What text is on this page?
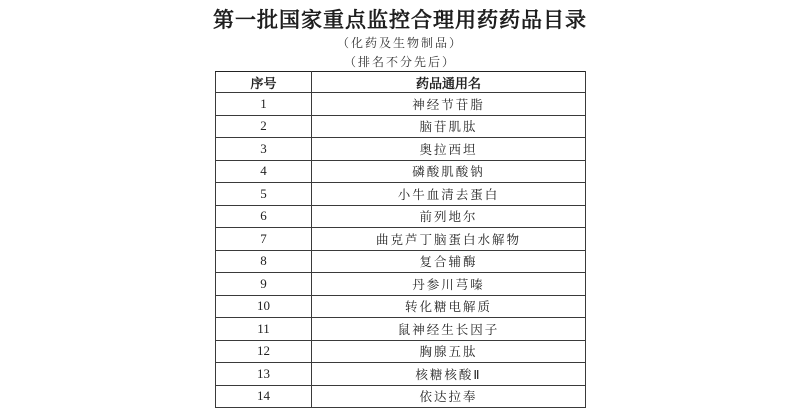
第一批国家重点监控合理用药药品目录
（化药及生物制品）
（排名不分先后）
序号	药品通用名
1	神经节苷脂
2	脑苷肌肽
3	奥拉西坦
4	磷酸肌酸钠
5	小牛血清去蛋白
6	前列地尔
7	曲克芦丁脑蛋白水解物
8	复合辅酶
9	丹参川芎嗪
10	转化糖电解质
11	鼠神经生长因子
12	胸腺五肽
13	核糖核酸Ⅱ
14	依达拉奉
